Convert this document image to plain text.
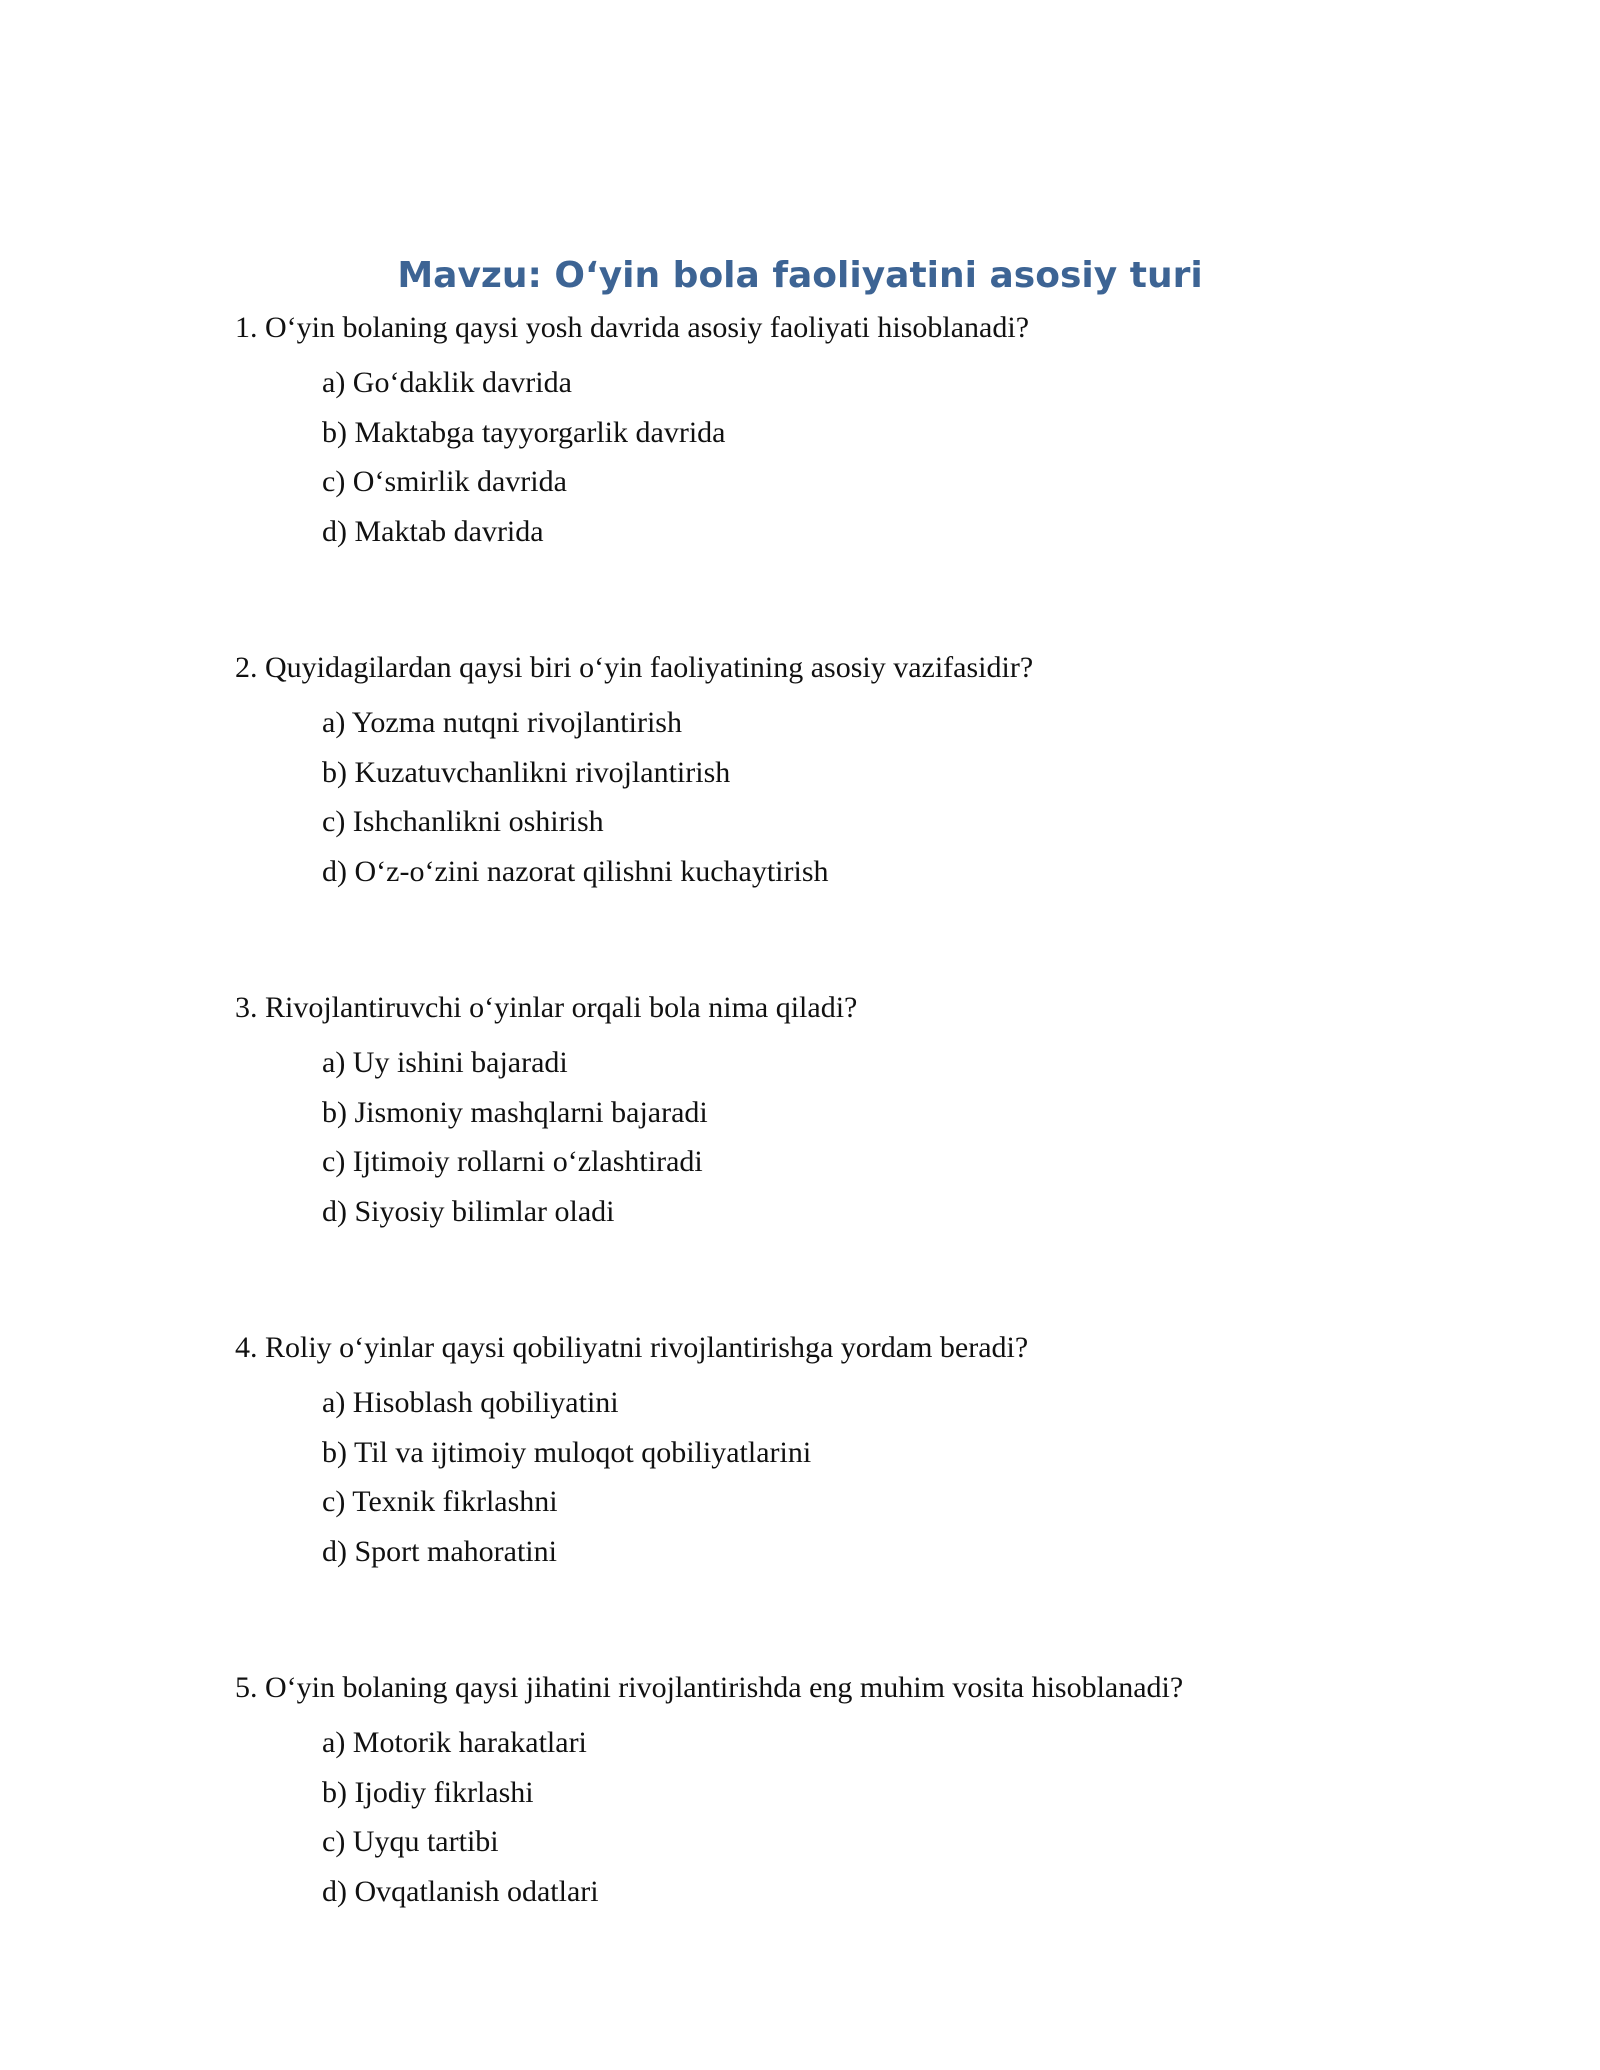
Mavzu: O‘yin bola faoliyatini asosiy turi
1. O‘yin bolaning qaysi yosh davrida asosiy faoliyati hisoblanadi?
a) Go‘daklik davrida
b) Maktabga tayyorgarlik davrida
c) O‘smirlik davrida
d) Maktab davrida
2. Quyidagilardan qaysi biri o‘yin faoliyatining asosiy vazifasidir?
a) Yozma nutqni rivojlantirish
b) Kuzatuvchanlikni rivojlantirish
c) Ishchanlikni oshirish
d) O‘z-o‘zini nazorat qilishni kuchaytirish
3. Rivojlantiruvchi o‘yinlar orqali bola nima qiladi?
a) Uy ishini bajaradi
b) Jismoniy mashqlarni bajaradi
c) Ijtimoiy rollarni o‘zlashtiradi
d) Siyosiy bilimlar oladi
4. Roliy o‘yinlar qaysi qobiliyatni rivojlantirishga yordam beradi?
a) Hisoblash qobiliyatini
b) Til va ijtimoiy muloqot qobiliyatlarini
c) Texnik fikrlashni
d) Sport mahoratini
5. O‘yin bolaning qaysi jihatini rivojlantirishda eng muhim vosita hisoblanadi?
a) Motorik harakatlari
b) Ijodiy fikrlashi
c) Uyqu tartibi
d) Ovqatlanish odatlari
